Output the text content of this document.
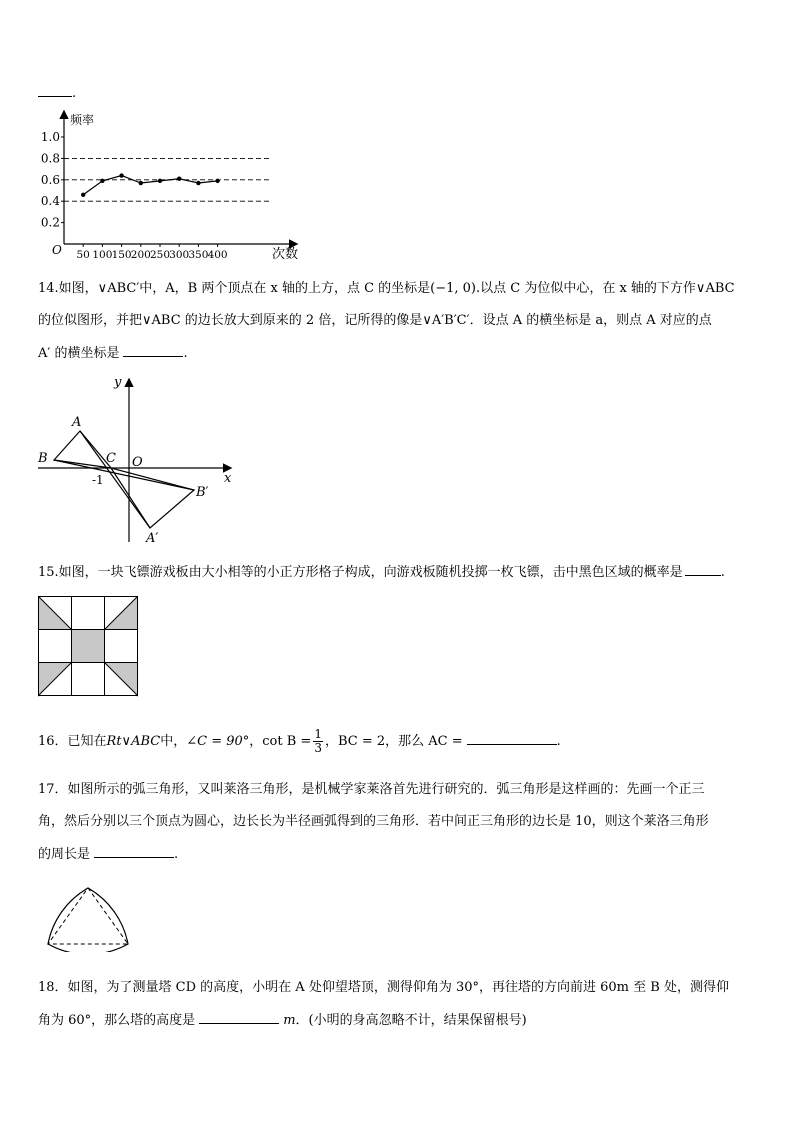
.
1.0
0.8
0.6
0.4
0.2
50 100 150 200 250 300 350 400
频率
次数
O
14.如图，∨ABC′中，A，B 两个顶点在 x 轴的上方，点 C 的坐标是(−1, 0).以点 C 为位似中心，在 x 轴的下方作∨ABC
的位似图形，并把∨ABC 的边长放大到原来的 2 倍，记所得的像是∨A′B′C′．设点 A 的横坐标是 a，则点 A 对应的点
A′ 的横坐标是	.
A
B	C O
-1
B′
A′
x
y
15.如图，一块飞镖游戏板由大小相等的小正方形格子构成，向游戏板随机投掷一枚飞镖，击中黑色区域的概率是	.
16．已知在Rt∨ABC中，∠C = 90°，$\cot B = \frac{1}{3}$ ，BC = 2，那么 AC =	.
17．如图所示的弧三角形，又叫莱洛三角形，是机械学家莱洛首先进行研究的．弧三角形是这样画的：先画一个正三
角，然后分别以三个顶点为圆心，边长长为半径画弧得到的三角形．若中间正三角形的边长是 10，则这个莱洛三角形
的周长是	.
18．如图，为了测量塔 CD 的高度，小明在 A 处仰望塔顶，测得仰角为 30°，再往塔的方向前进 60m 至 B 处，测得仰
角为 60°，那么塔的高度是	m．(小明的身高忽略不计，结果保留根号)
